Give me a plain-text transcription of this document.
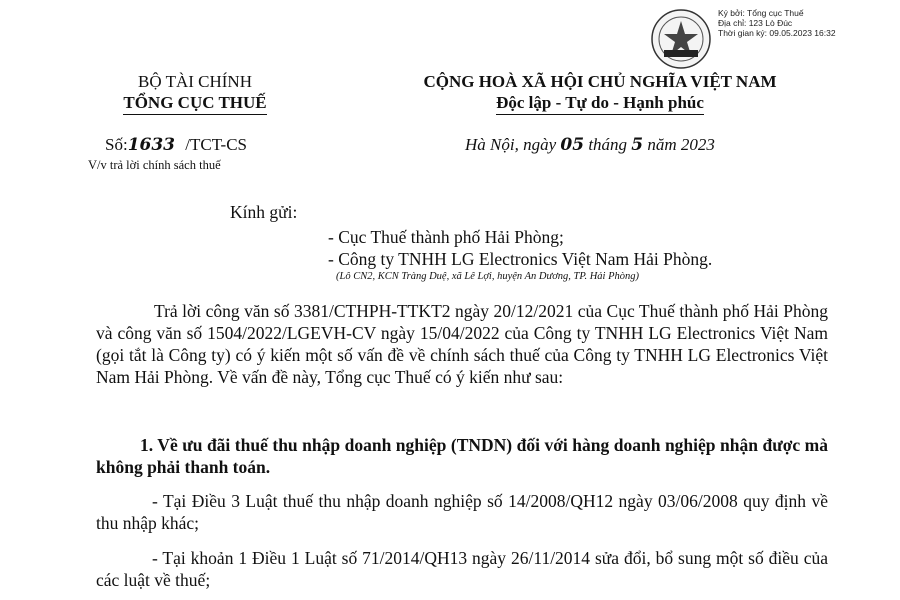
Ký bởi: Tổng cục Thuế
Địa chỉ: 123 Lò Đúc
Thời gian ký: 09.05.2023 16:32
BỘ TÀI CHÍNH
TỔNG CỤC THUẾ
Số:1633 /TCT-CS
V/v trả lời chính sách thuế
CỘNG HOÀ XÃ HỘI CHỦ NGHĨA VIỆT NAM
Độc lập - Tự do - Hạnh phúc
Hà Nội, ngày 05 tháng 5 năm 2023
Kính gửi:
- Cục Thuế thành phố Hải Phòng;
- Công ty TNHH LG Electronics Việt Nam Hải Phòng.
(Lô CN2, KCN Tràng Duệ, xã Lê Lợi, huyện An Dương, TP. Hải Phòng)
Trả lời công văn số 3381/CTHPH-TTKT2 ngày 20/12/2021 của Cục Thuế thành phố Hải Phòng và công văn số 1504/2022/LGEVH-CV ngày 15/04/2022 của Công ty TNHH LG Electronics Việt Nam (gọi tắt là Công ty) có ý kiến một số vấn đề về chính sách thuế của Công ty TNHH LG Electronics Việt Nam Hải Phòng. Về vấn đề này, Tổng cục Thuế có ý kiến như sau:
1. Về ưu đãi thuế thu nhập doanh nghiệp (TNDN) đối với hàng doanh nghiệp nhận được mà không phải thanh toán.
- Tại Điều 3 Luật thuế thu nhập doanh nghiệp số 14/2008/QH12 ngày 03/06/2008 quy định về thu nhập khác;
- Tại khoản 1 Điều 1 Luật số 71/2014/QH13 ngày 26/11/2014 sửa đổi, bổ sung một số điều của các luật về thuế;
